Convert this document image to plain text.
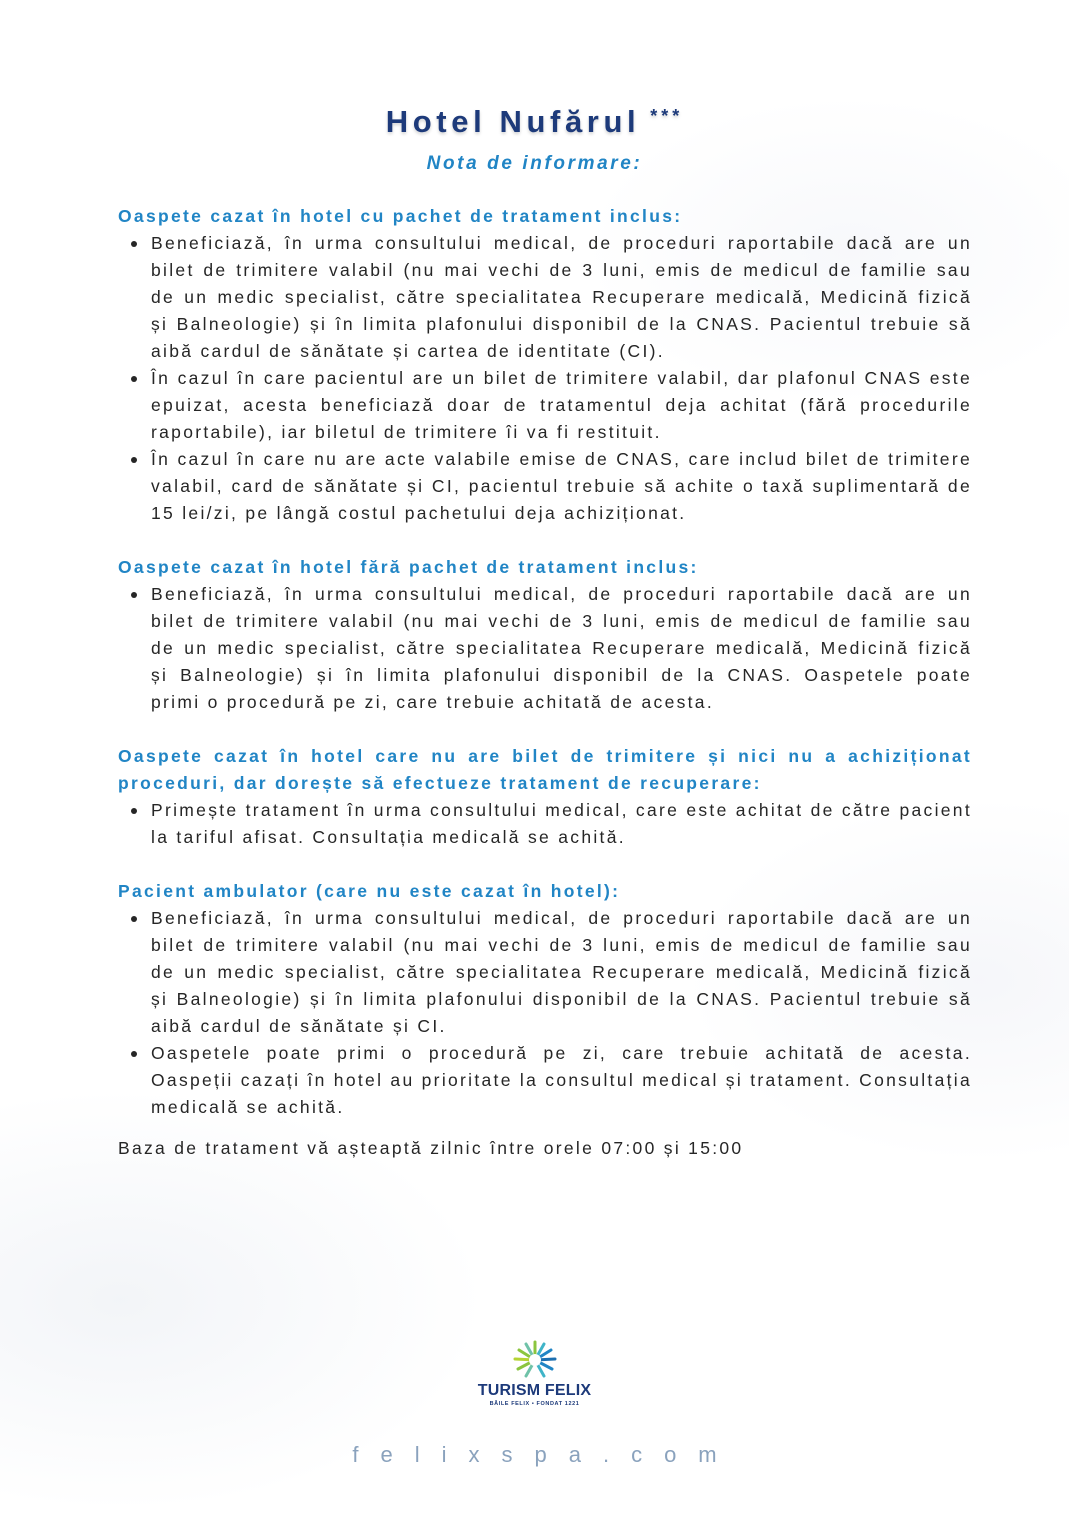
Hotel Nufărul ***
Nota de informare:

Oaspete cazat în hotel cu pachet de tratament inclus:

Beneficiază, în urma consultului medical, de proceduri raportabile dacă are un bilet de trimitere valabil (nu mai vechi de 3 luni, emis de medicul de familie sau de un medic specialist, către specialitatea Recuperare medicală, Medicină fizică și Balneologie) și în limita plafonului disponibil de la CNAS. Pacientul trebuie să aibă cardul de sănătate și cartea de identitate (CI).
În cazul în care pacientul are un bilet de trimitere valabil, dar plafonul CNAS este epuizat, acesta beneficiază doar de tratamentul deja achitat (fără procedurile raportabile), iar biletul de trimitere îi va fi restituit.
În cazul în care nu are acte valabile emise de CNAS, care includ bilet de trimitere valabil, card de sănătate și CI, pacientul trebuie să achite o taxă suplimentară de 15 lei/zi, pe lângă costul pachetului deja achiziționat.

Oaspete cazat în hotel fără pachet de tratament inclus:

Beneficiază, în urma consultului medical, de proceduri raportabile dacă are un bilet de trimitere valabil (nu mai vechi de 3 luni, emis de medicul de familie sau de un medic specialist, către specialitatea Recuperare medicală, Medicină fizică și Balneologie) și în limita plafonului disponibil de la CNAS. Oaspetele poate primi o procedură pe zi, care trebuie achitată de acesta.

Oaspete cazat în hotel care nu are bilet de trimitere și nici nu a achiziționat proceduri, dar dorește să efectueze tratament de recuperare:

Primește tratament în urma consultului medical, care este achitat de către pacient la tariful afisat. Consultația medicală se achită.

Pacient ambulator (care nu este cazat în hotel):

Beneficiază, în urma consultului medical, de proceduri raportabile dacă are un bilet de trimitere valabil (nu mai vechi de 3 luni, emis de medicul de familie sau de un medic specialist, către specialitatea Recuperare medicală, Medicină fizică și Balneologie) și în limita plafonului disponibil de la CNAS. Pacientul trebuie să aibă cardul de sănătate și CI.
Oaspetele poate primi o procedură pe zi, care trebuie achitată de acesta. Oaspeții cazați în hotel au prioritate la consultul medical și tratament. Consultația medicală se achită.
Baza de tratament vă așteaptă zilnic între orele 07:00 și 15:00
TURISM FELIX
BĂILE FELIX • FONDAT 1221
felixspa.com
